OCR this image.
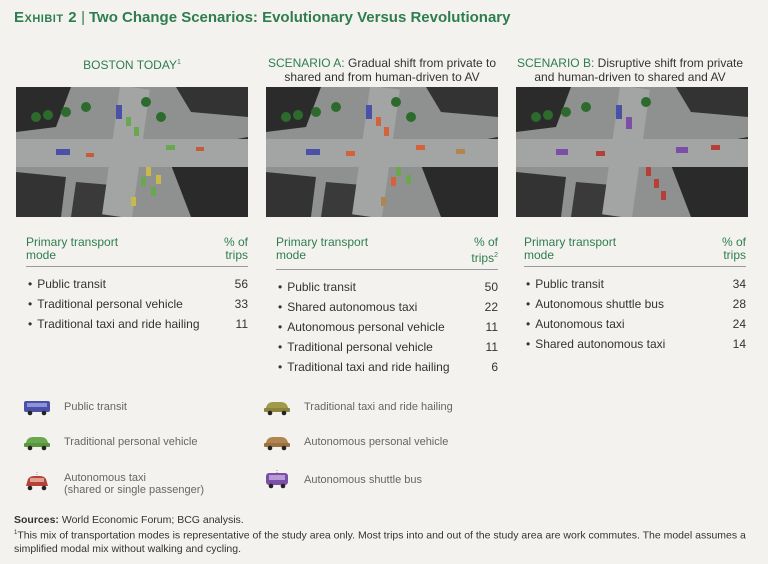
Exhibit 2 | Two Change Scenarios: Evolutionary Versus Revolutionary
BOSTON TODAY$^1$	SCENARIO A: Gradual shift from private to shared and from human-driven to AV
SCENARIO B: Disruptive shift from private and human-driven to shared and AV
Primary transport mode
% of trips
• Public transit	56
• Traditional personal vehicle	33
• Traditional taxi and ride hailing	11
Primary transport mode
% of trips$^2$
• Public transit	50
• Shared autonomous taxi	22
• Autonomous personal vehicle	11
• Traditional personal vehicle	11
• Traditional taxi and ride hailing	6
Primary transport mode
% of trips
• Public transit	34
• Autonomous shuttle bus	28
• Autonomous taxi	24
• Shared autonomous taxi	14
Public transit
Traditional personal vehicle
Autonomous taxi
(shared or single passenger)
Traditional taxi and ride hailing
Autonomous personal vehicle
Autonomous shuttle bus
Sources: World Economic Forum; BCG analysis.
$^1$This mix of transportation modes is representative of the study area only. Most trips into and out of the study area are work commutes. The model assumes a simplified modal mix without walking and cycling.
